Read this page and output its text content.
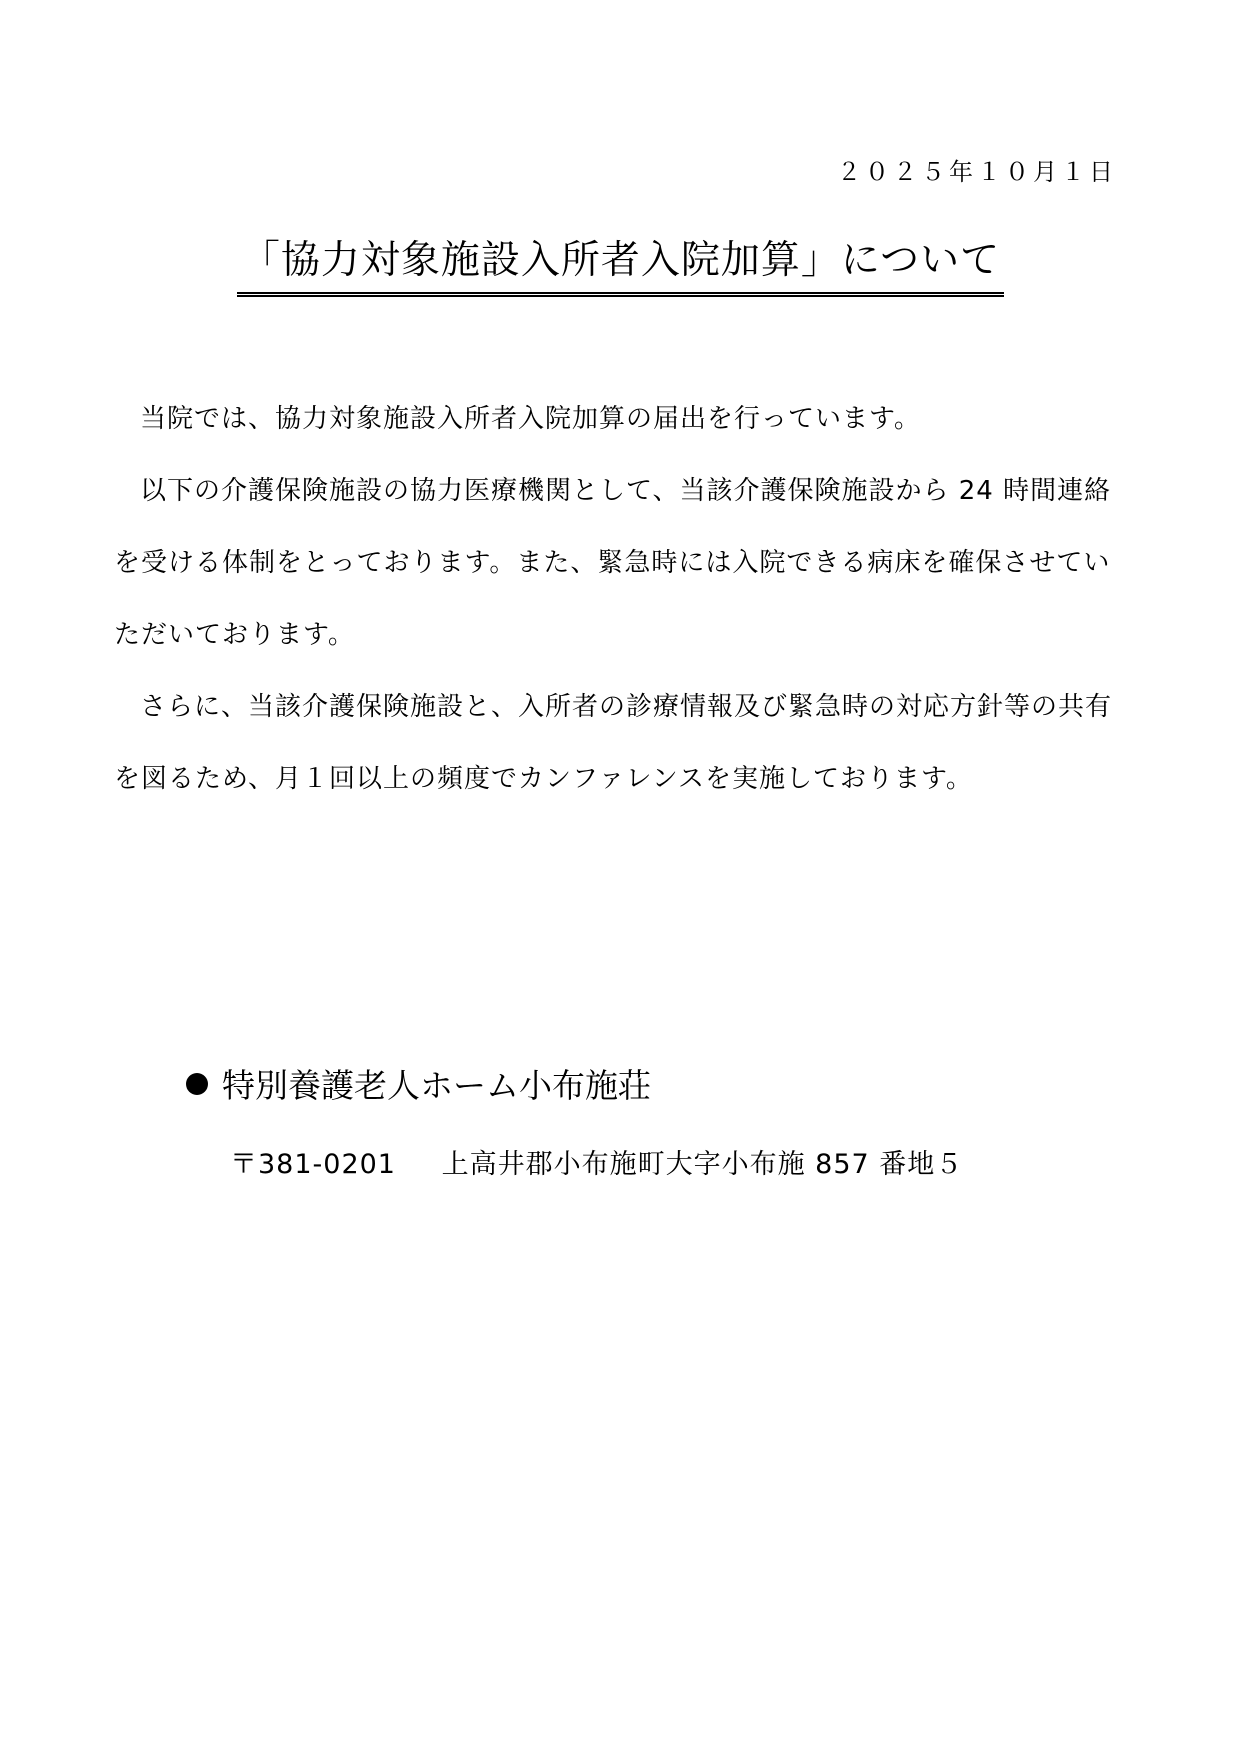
２０２５年１０月１日
「協力対象施設入所者入院加算」について

当院では、協力対象施設入所者入院加算の届出を行っています。

以下の介護保険施設の協力医療機関として、当該介護保険施設から 24 時間連絡を受ける体制をとっております。また、緊急時には入院できる病床を確保させていただいております。

さらに、当該介護保険施設と、入所者の診療情報及び緊急時の対応方針等の共有を図るため、月１回以上の頻度でカンファレンスを実施しております。

特別養護老人ホーム小布施荘
〒381-0201 上高井郡小布施町大字小布施 857 番地５
